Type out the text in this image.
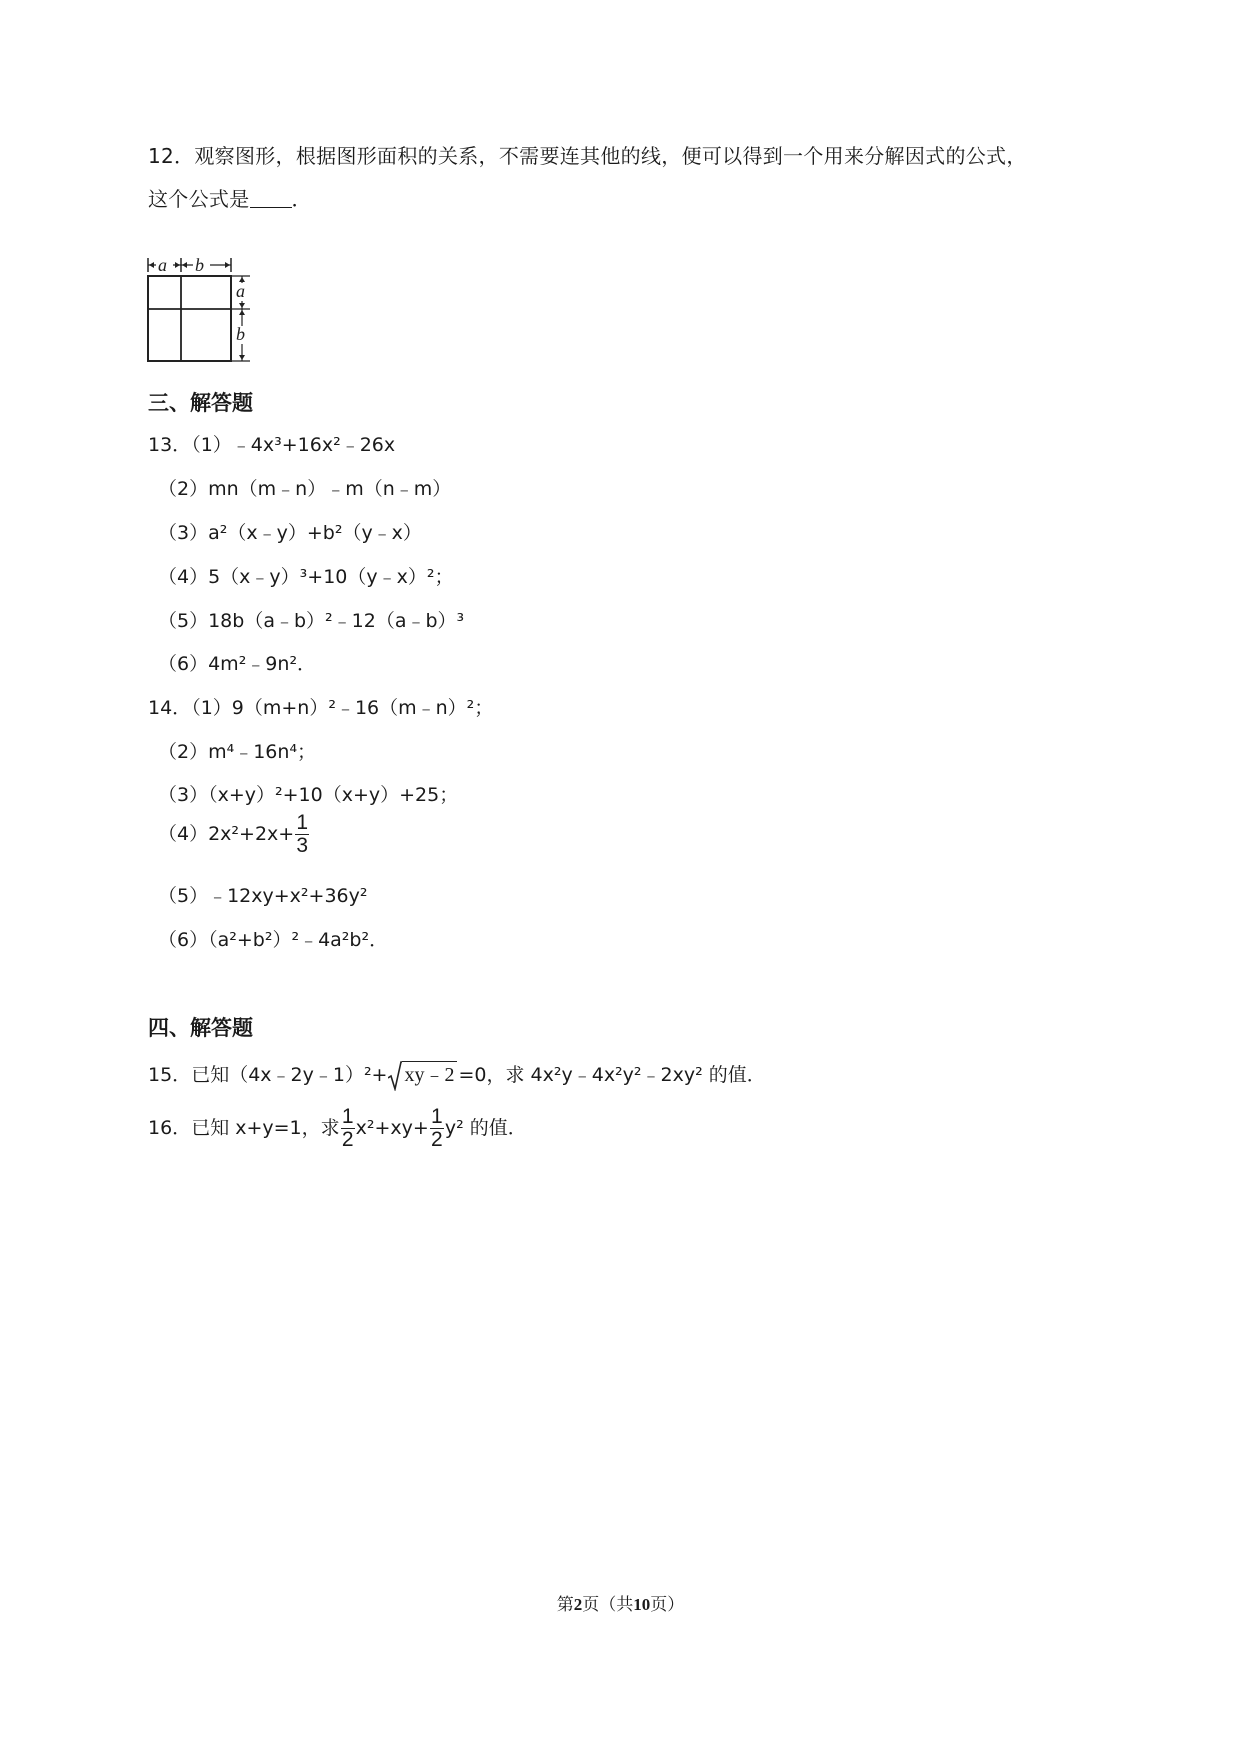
12．观察图形，根据图形面积的关系，不需要连其他的线，便可以得到一个用来分解因式的公式，
这个公式是 ．
a b
a
b
三、解答题
13．（1）﹣4x³+16x²﹣26x
（2）mn（m﹣n）﹣m（n﹣m）
（3）a²（x﹣y）+b²（y﹣x）
（4）5（x﹣y）³+10（y﹣x）²；
（5）18b（a﹣b）²﹣12（a﹣b）³
（6）4m²﹣9n²．
14．（1）9（m+n）²﹣16（m﹣n）²；
（2）m⁴﹣16n⁴；
（3）（x+y）²+10（x+y）+25；
$(4)2x^2+2x+ \frac{1}{3}$
（5）﹣12xy+x²+36y²
（6）（a²+b²）²﹣4a²b²．
四、解答题
15．已知（4x﹣2y﹣1）²+ xy﹣2 =0，求 4x²y﹣4x²y²﹣2xy² 的值．
16．已知 x+y=1，求 $\frac{1}{2} x^2+xy+ \frac{1}{2} y^2$ 的值．
第2页（共10页）
